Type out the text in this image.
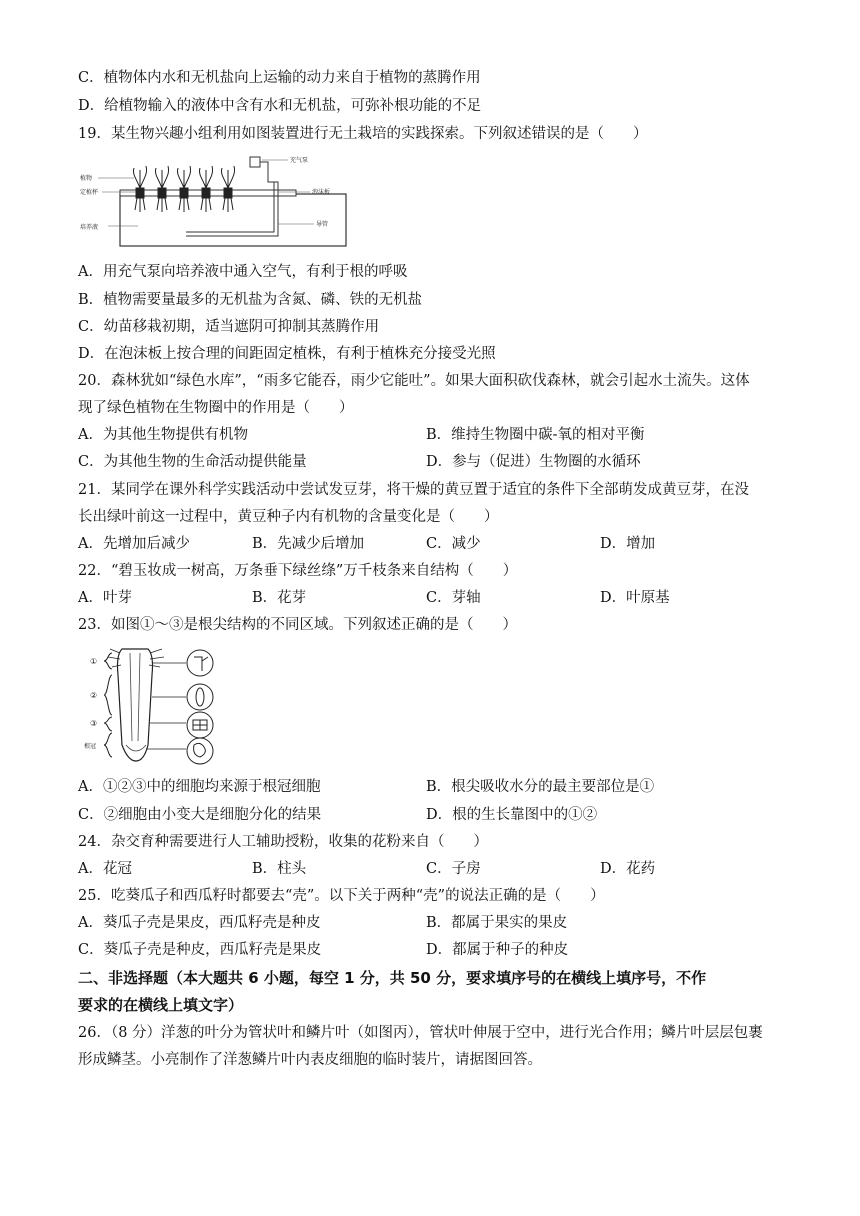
C．植物体内水和无机盐向上运输的动力来自于植物的蒸腾作用
D．给植物输入的液体中含有水和无机盐，可弥补根功能的不足
19．某生物兴趣小组利用如图装置进行无土栽培的实践探索。下列叙述错误的是（　　）
植物
定植杯
培养液
充气泵
泡沫板
导管
A．用充气泵向培养液中通入空气，有利于根的呼吸
B．植物需要量最多的无机盐为含氮、磷、铁的无机盐
C．幼苗移栽初期，适当遮阴可抑制其蒸腾作用
D．在泡沫板上按合理的间距固定植株，有利于植株充分接受光照
20．森林犹如“绿色水库”，“雨多它能吞，雨少它能吐”。如果大面积砍伐森林，就会引起水土流失。这体
现了绿色植物在生物圈中的作用是（　　）
A．为其他生物提供有机物	B．维持生物圈中碳-氧的相对平衡
C．为其他生物的生命活动提供能量	D．参与（促进）生物圈的水循环
21．某同学在课外科学实践活动中尝试发豆芽，将干燥的黄豆置于适宜的条件下全部萌发成黄豆芽，在没
长出绿叶前这一过程中，黄豆种子内有机物的含量变化是（　　）
A．先增加后减少	B．先减少后增加	C．减少	D．增加
22．“碧玉妆成一树高，万条垂下绿丝绦”万千枝条来自结构（　　）
A．叶芽	B．花芽	C．芽轴	D．叶原基
23．如图①～③是根尖结构的不同区域。下列叙述正确的是（　　）
①
②
③
根冠
A．①②③中的细胞均来源于根冠细胞	B．根尖吸收水分的最主要部位是①
C．②细胞由小变大是细胞分化的结果	D．根的生长靠图中的①②
24．杂交育种需要进行人工辅助授粉，收集的花粉来自（　　）
A．花冠	B．柱头	C．子房	D．花药
25．吃葵瓜子和西瓜籽时都要去“壳”。以下关于两种“壳”的说法正确的是（　　）
A．葵瓜子壳是果皮，西瓜籽壳是种皮	B．都属于果实的果皮
C．葵瓜子壳是种皮，西瓜籽壳是果皮	D．都属于种子的种皮
二、非选择题（本大题共 6 小题，每空 1 分，共 50 分，要求填序号的在横线上填序号，不作
要求的在横线上填文字）
26．（8 分）洋葱的叶分为管状叶和鳞片叶（如图丙），管状叶伸展于空中，进行光合作用；鳞片叶层层包裹
形成鳞茎。小亮制作了洋葱鳞片叶内表皮细胞的临时装片，请据图回答。
